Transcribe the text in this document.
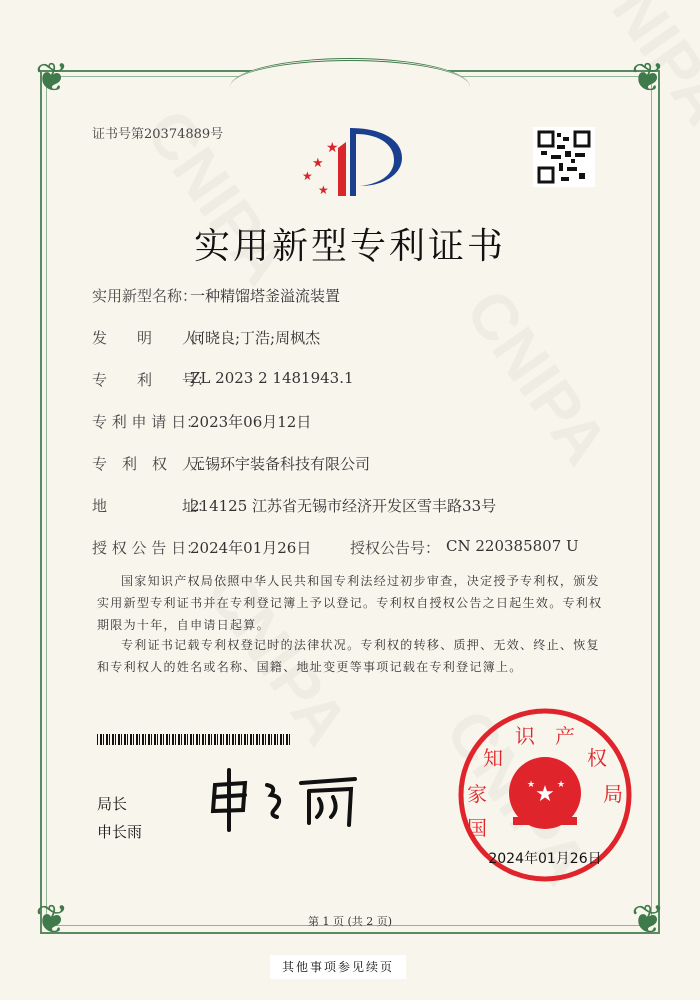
❦	❦
❦	❦
证书号第20374889号
★
★
★
★
实用新型专利证书
实用新型名称：
一种精馏塔釜溢流装置
发　　明　　人：
何晓良;丁浩;周枫杰
专　　利　　号：
ZL 2023 2 1481943.1
专 利 申 请 日：
2023年06月12日
专　利　权　人：
无锡环宇装备科技有限公司
地　　　　　址：
214125 江苏省无锡市经济开发区雪丰路33号
授 权 公 告 日：
2024年01月26日	授权公告号： CN 220385807 U
国家知识产权局依照中华人民共和国专利法经过初步审查，决定授予专利权，颁发实用新型专利证书并在专利登记簿上予以登记。专利权自授权公告之日起生效。专利权期限为十年，自申请日起算。
专利证书记载专利权登记时的法律状况。专利权的转移、质押、无效、终止、恢复和专利权人的姓名或名称、国籍、地址变更等事项记载在专利登记簿上。
局长
申长雨
★
★ ★
国
家
知
识 产
权
局
2024年01月26日
第 1 页 (共 2 页)
其他事项参见续页
